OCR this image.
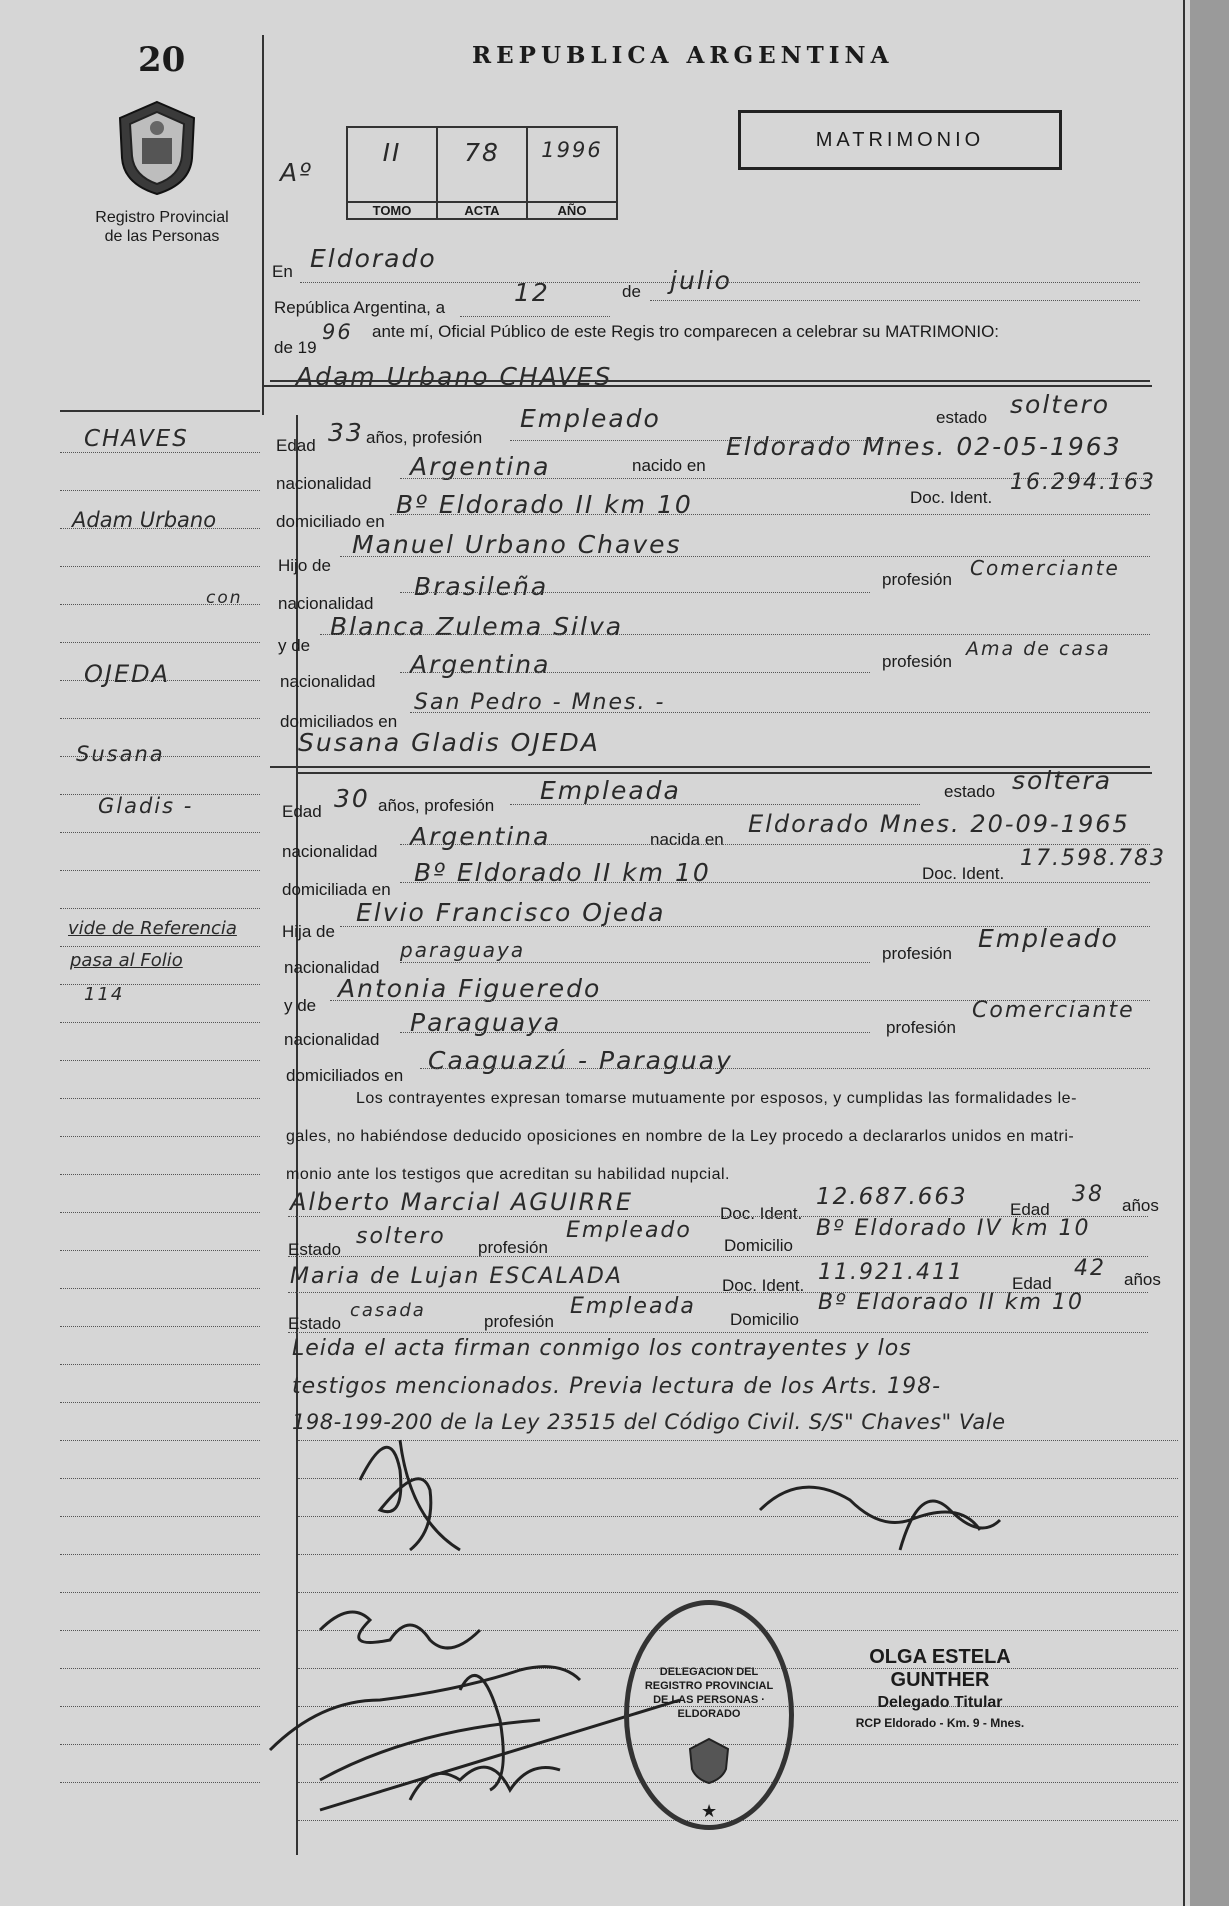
20
Registro Provincial
de las Personas
REPUBLICA ARGENTINA
MATRIMONIO
Aº
II
TOMO
78
ACTA
1996
AÑO
En Eldorado
República Argentina, a
12	de julio
de 19
96 ante mí, Oficial Público de este Regis tro comparecen a celebrar su MATRIMONIO:
Adam Urbano CHAVES
Edad 33 años, profesión
Empleado	estado soltero
nacionalidad
Argentina	nacido en
Eldorado Mnes. 02-05-1963
domiciliado en
Bº Eldorado II km 10	Doc. Ident.
16.294.163
Hijo de
Manuel Urbano Chaves
nacionalidad
Brasileña	profesión Comerciante
y de
Blanca Zulema Silva
nacionalidad
Argentina	profesión
Ama de casa
domiciliados en
San Pedro - Mnes. -
Susana Gladis OJEDA
Edad 30 años, profesión
Empleada	estado soltera
nacionalidad
Argentina	nacida en
Eldorado Mnes. 20-09-1965
domiciliada en
Bº Eldorado II km 10	Doc. Ident.
17.598.783
Hija de
Elvio Francisco Ojeda
nacionalidad
paraguaya	profesión
Empleado
y de
Antonia Figueredo
nacionalidad
Paraguaya	profesión
Comerciante
domiciliados en
Caaguazú - Paraguay
Los contrayentes expresan tomarse mutuamente por esposos, y cumplidas las formalidades le-
gales, no habiéndose deducido oposiciones en nombre de la Ley procedo a declararlos unidos en matri-
monio ante los testigos que acreditan su habilidad nupcial.
Alberto Marcial AGUIRRE	Doc. Ident.
12.687.663 Edad
38 años
Estado
soltero profesión
Empleado
Domicilio
Bº Eldorado IV km 10
Maria de Lujan ESCALADA	Doc. Ident.
11.921.411	Edad
42 años
Estado
casada
profesión
Empleada
Domicilio
Bº Eldorado II km 10
Leida el acta firman conmigo los contrayentes y los
testigos mencionados. Previa lectura de los Arts. 198-
198-199-200 de la Ley 23515 del Código Civil. S/S" Chaves" Vale
CHAVES
Adam Urbano
con
OJEDA
Susana
Gladis -
vide de Referencia
pasa al Folio
114
DELEGACION DEL REGISTRO PROVINCIAL DE LAS PERSONAS · ELDORADO
★
OLGA ESTELA GUNTHER
Delegado Titular
RCP Eldorado - Km. 9 - Mnes.
